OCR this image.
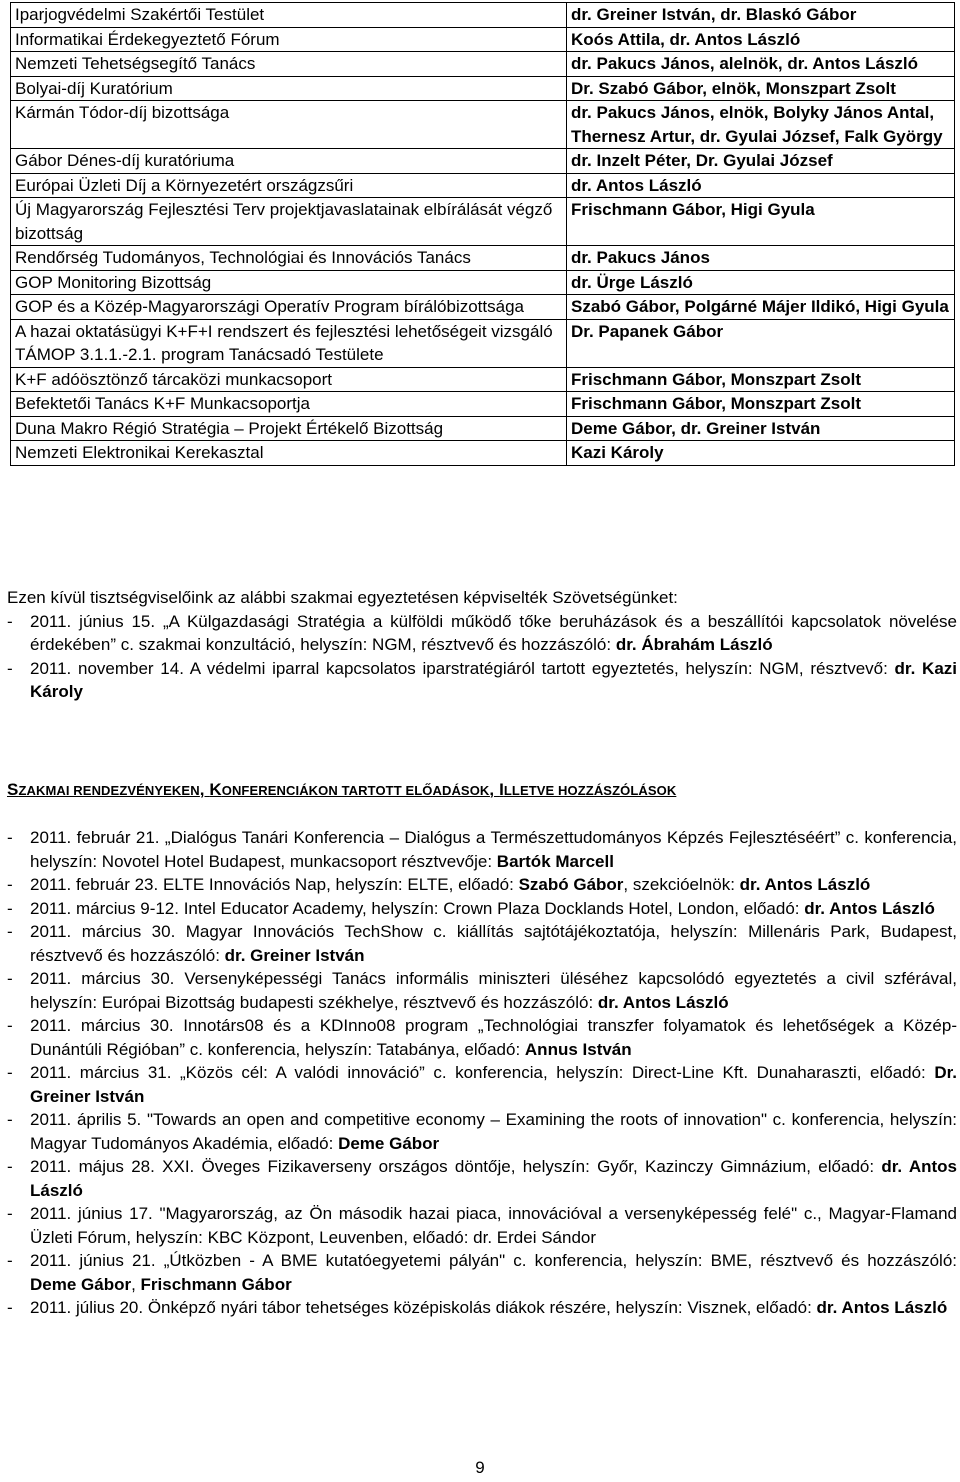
Iparjogvédelmi Szakértői Testület	dr. Greiner István, dr. Blaskó Gábor
Informatikai Érdekegyeztető Fórum	Koós Attila, dr. Antos László
Nemzeti Tehetségsegítő Tanács	dr. Pakucs János, alelnök, dr. Antos László
Bolyai-díj Kuratórium	Dr. Szabó Gábor, elnök, Monszpart Zsolt
Kármán Tódor-díj bizottsága	dr. Pakucs János, elnök, Bolyky János Antal, Thernesz Artur, dr. Gyulai József, Falk György
Gábor Dénes-díj kuratóriuma	dr. Inzelt Péter, Dr. Gyulai József
Európai Üzleti Díj a Környezetért országzsűri	dr. Antos László
Új Magyarország Fejlesztési Terv projektjavaslatainak elbírálását végző bizottság	Frischmann Gábor, Higi Gyula
Rendőrség Tudományos, Technológiai és Innovációs Tanács	dr. Pakucs János
GOP Monitoring Bizottság	dr. Ürge László
GOP és a Közép-Magyarországi Operatív Program bírálóbizottsága	Szabó Gábor, Polgárné Májer Ildikó, Higi Gyula
A hazai oktatásügyi K+F+I rendszert és fejlesztési lehetőségeit vizsgáló TÁMOP 3.1.1.-2.1. program Tanácsadó Testülete	Dr. Papanek Gábor
K+F adóösztönző tárcaközi munkacsoport	Frischmann Gábor, Monszpart Zsolt
Befektetői Tanács K+F Munkacsoportja	Frischmann Gábor, Monszpart Zsolt
Duna Makro Régió Stratégia – Projekt Értékelő Bizottság	Deme Gábor, dr. Greiner István
Nemzeti Elektronikai Kerekasztal	Kazi Károly
Ezen kívül tisztségviselőink az alábbi szakmai egyeztetésen képviselték Szövetségünket:
- 2011. június 15. „A Külgazdasági Stratégia a külföldi működő tőke beruházások és a beszállítói kapcsolatok növelése érdekében” c. szakmai konzultáció, helyszín: NGM, résztvevő és hozzászóló: dr. Ábrahám László
- 2011. november 14. A védelmi iparral kapcsolatos iparstratégiáról tartott egyeztetés, helyszín: NGM, résztvevő: dr. Kazi Károly
SZAKMAI RENDEZVÉNYEKEN, KONFERENCIÁKON TARTOTT ELŐADÁSOK, ILLETVE HOZZÁSZÓLÁSOK
- 2011. február 21. „Dialógus Tanári Konferencia – Dialógus a Természettudományos Képzés Fejlesztéséért” c. konferencia, helyszín: Novotel Hotel Budapest, munkacsoport résztvevője: Bartók Marcell
- 2011. február 23. ELTE Innovációs Nap, helyszín: ELTE, előadó: Szabó Gábor, szekcióelnök: dr. Antos László
- 2011. március 9-12. Intel Educator Academy, helyszín: Crown Plaza Docklands Hotel, London, előadó: dr. Antos László
- 2011. március 30. Magyar Innovációs TechShow c. kiállítás sajtótájékoztatója, helyszín: Millenáris Park, Budapest, résztvevő és hozzászóló: dr. Greiner István
- 2011. március 30. Versenyképességi Tanács informális miniszteri üléséhez kapcsolódó egyeztetés a civil szférával, helyszín: Európai Bizottság budapesti székhelye, résztvevő és hozzászóló: dr. Antos László
- 2011. március 30. Innotárs08 és a KDInno08 program „Technológiai transzfer folyamatok és lehetőségek a Közép-Dunántúli Régióban” c. konferencia, helyszín: Tatabánya, előadó: Annus István
- 2011. március 31. „Közös cél: A valódi innováció” c. konferencia, helyszín: Direct-Line Kft. Dunaharaszti, előadó: Dr. Greiner István
- 2011. április 5. "Towards an open and competitive economy – Examining the roots of innovation" c. konferencia, helyszín: Magyar Tudományos Akadémia, előadó: Deme Gábor
- 2011. május 28. XXI. Öveges Fizikaverseny országos döntője, helyszín: Győr, Kazinczy Gimnázium, előadó: dr. Antos László
- 2011. június 17. "Magyarország, az Ön második hazai piaca, innovációval a versenyképesség felé" c., Magyar-Flamand Üzleti Fórum, helyszín: KBC Központ, Leuvenben, előadó: dr. Erdei Sándor
- 2011. június 21. „Útközben - A BME kutatóegyetemi pályán" c. konferencia, helyszín: BME, résztvevő és hozzászóló: Deme Gábor, Frischmann Gábor
- 2011. július 20. Önképző nyári tábor tehetséges középiskolás diákok részére, helyszín: Visznek, előadó: dr. Antos László
9
